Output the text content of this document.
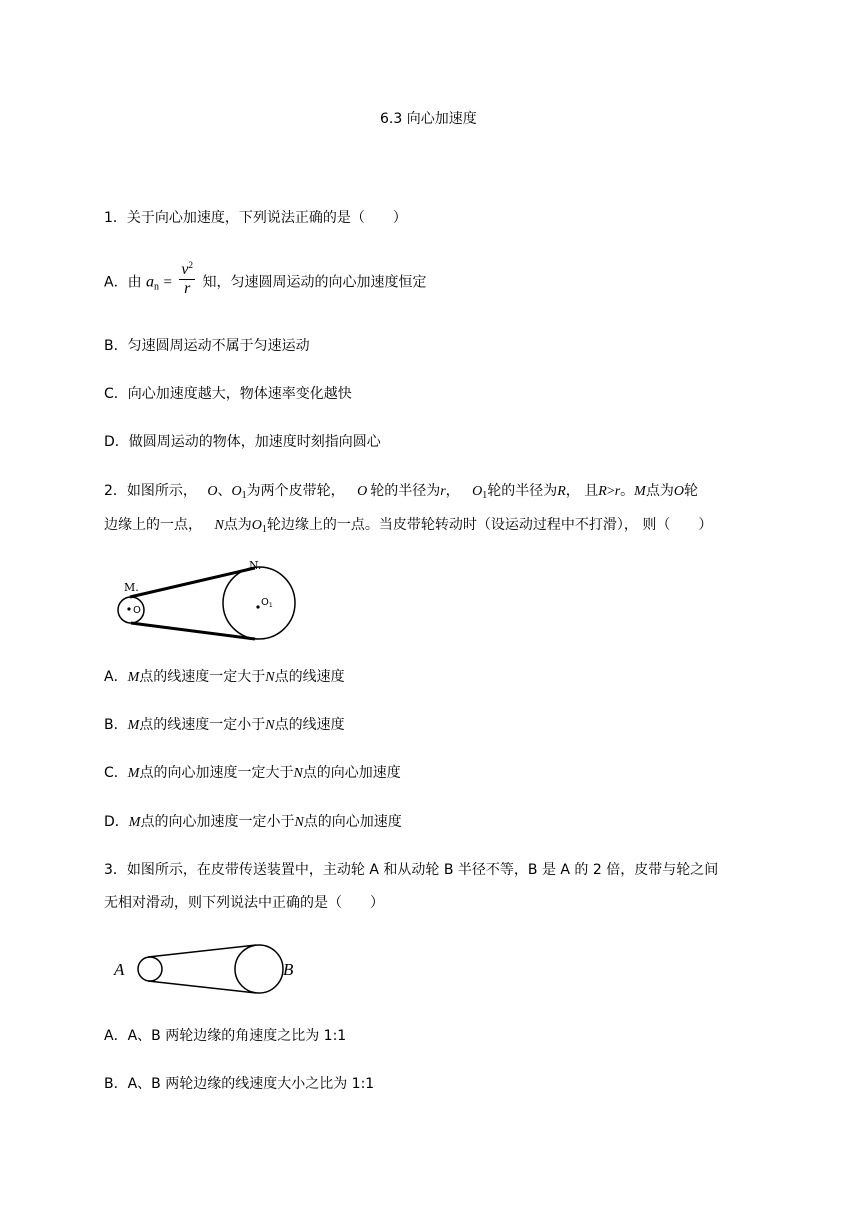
6.3 向心加速度
1．关于向心加速度，下列说法正确的是（　　）
A．由 $a_n = \frac{v^2}{r}$ 知，匀速圆周运动的向心加速度恒定
B．匀速圆周运动不属于匀速运动
C．向心加速度越大，物体速率变化越快
D．做圆周运动的物体，加速度时刻指向圆心
2．如图所示， O、$O_1$为两个皮带轮， O 轮的半径为r， $O_1$轮的半径为R， 且R>r。M点为O轮
边缘上的一点， N点为$O_1$轮边缘上的一点。当皮带轮转动时（设运动过程中不打滑）， 则（　　）
M.
O
N.
$O_1$
A．M点的线速度一定大于N点的线速度
B．M点的线速度一定小于N点的线速度
C．M点的向心加速度一定大于N点的向心加速度
D．M点的向心加速度一定小于N点的向心加速度
3．如图所示，在皮带传送装置中，主动轮 A 和从动轮 B 半径不等，B 是 A 的 2 倍，皮带与轮之间
无相对滑动，则下列说法中正确的是（　　）
A	B
A．A、B 两轮边缘的角速度之比为 1:1
B．A、B 两轮边缘的线速度大小之比为 1:1
